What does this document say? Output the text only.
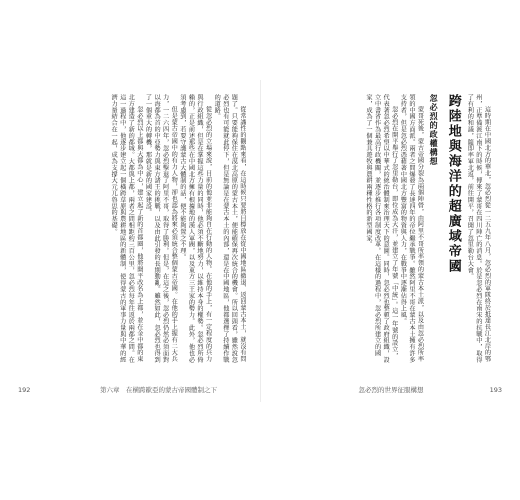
從常識性的觀點來看，在這時候只要將目標放在從中國地區撤退、返回蒙古本土，就沒有問題了。只要能夠保住在漠北高原的蒙古本土，便能確保再次統合的機會。所以回頭看，雖然說忽必烈也有可能就此停下，但是無論是在蒙古本土的內部，還是在中國地區，他都選擇了持續作戰的道路。

從忽必烈的立場來說，目前的他並非能夠自在行動的人物。在他的手上，有一定程度的兵力與行政組織，但是在掌握這些力量的同時，他必須不斷地努力，以維持本身的權勢。忽必烈所倚賴的，正是前述那些在中國北方擁有根據地的漢人軍閥，以及東方三王家的勢力。此外，他也必須考慮到，若要守護蒙古大體制的話，便不能夠置之不理。

但是蒙古帝國中的有力人物，卻也認為將來必須統合整個蒙古帝國。在他的手上握有二大兵力，一二六四年，忽必烈擊退了阿里不哥，取得了勝利。但是，在這之後，忽必烈仍然必須面對以海都為首的中亞勢力與東方諸王的挑戰，以及由此引發的長期動亂。雖然如此，忽必烈也得到了一個重大的轉機，那就是新的國家建設。

忽必烈以上都與大都為中心，建立起了新的首都圈，他將開平改名為上都，並在金中都的東北方建造了新的都城。大都與上都，兩者之間相距約三百公里，忽必烈每年往返於兩都之間。在這一過程中，他逐步建立起一個橫跨草原與農耕地區的新體制，使得蒙古的軍事力量與中華的經濟力量結合在一起，成為支撐大元兀魯思的基礎。

192	第六章　在横跨歐亞的蒙古帝國體制之下

這時期在中國北方的華北，忽必烈從一二五九年八月，忽必烈的軍隊終於抵達長江北岸的鄂州，正準備渡江南下的時候，傳來了蒙哥在四川陣亡的消息。於是忽必烈在南宋的抗戰中，取得了有利的和議，隨即率軍北返，前往開平，召開了忽里勒台大會。

跨陸地與海洋的超廣域帝國
忽必烈的政權構想

蒙哥死後，蒙古帝國分裂為兩個陣營，由阿里不哥所率領的蒙古本土派，以及由忽必烈所率領的中國方面派。兩者之間爆發了長達四年的帝位繼承戰爭。雖然阿里不哥在蒙古本土擁有許多支持者，但是忽必烈憑藉著中國北方豐富的物資與人力，在戰爭中逐漸佔得上風。

忽必烈在開平舉行了忽里勒台，即位成為大汗，並建立了年號「中統」。這一年號的設立，代表著忽必烈希望以中華式的統治體制來治理天下的意圖。同時，忽必烈也整頓了政府組織，設立中書省作為最高行政機關，並逐步推行各項制度改革。在這樣的過程中，忽必烈所建立的國家，成為了一個兼具遊牧與農耕兩種性格的新型國家。

忽必烈的世界征服構想	193
